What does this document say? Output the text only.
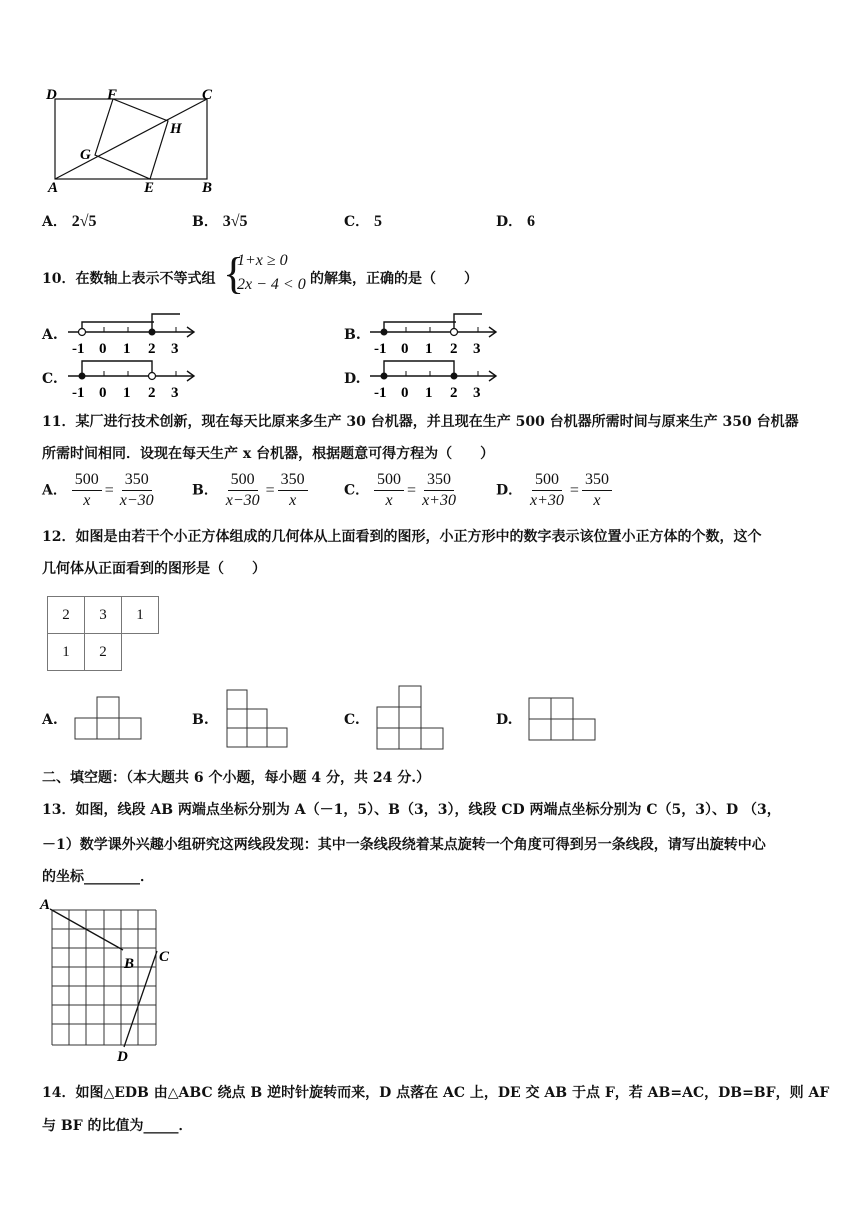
D	F	C
G
H
A	E	B
A． 2√5	B． 3√5	C． 5	D． 6
10．在数轴上表示不等式组 {
1+x ≥ 0
2x − 4 < 0 的解集，正确的是（　　）
A.	B.
C.	D.
-1 0 1 2 3	-1 0 1 2 3
-1 0 1 2 3	-1 0 1 2 3
11．某厂进行技术创新，现在每天比原来多生产 30 台机器，并且现在生产 500 台机器所需时间与原来生产 350 台机器
所需时间相同．设现在每天生产 x 台机器，根据题意可得方程为（　　）
A． $\frac{500}{x} = \frac{350}{x-30}$	B． $\frac{500}{x-30} = \frac{350}{x}$	C． $\frac{500}{x} = \frac{350}{x+30}$	D． $\frac{500}{x+30} = \frac{350}{x}$
12．如图是由若干个小正方体组成的几何体从上面看到的图形，小正方形中的数字表示该位置小正方体的个数，这个
几何体从正面看到的图形是（　　）
2	3	1
1	2	
A.	B.	C.	D.
二、填空题：（本大题共 6 个小题，每小题 4 分，共 24 分.）
13．如图，线段 AB 两端点坐标分别为 A（－1，5）、B（3，3），线段 CD 两端点坐标分别为 C（5，3）、D （3，
－1）数学课外兴趣小组研究这两线段发现：其中一条线段绕着某点旋转一个角度可得到另一条线段，请写出旋转中心
的坐标________．
A
B C
D
14．如图△EDB 由△ABC 绕点 B 逆时针旋转而来，D 点落在 AC 上，DE 交 AB 于点 F，若 AB=AC，DB=BF，则 AF
与 BF 的比值为_____．
